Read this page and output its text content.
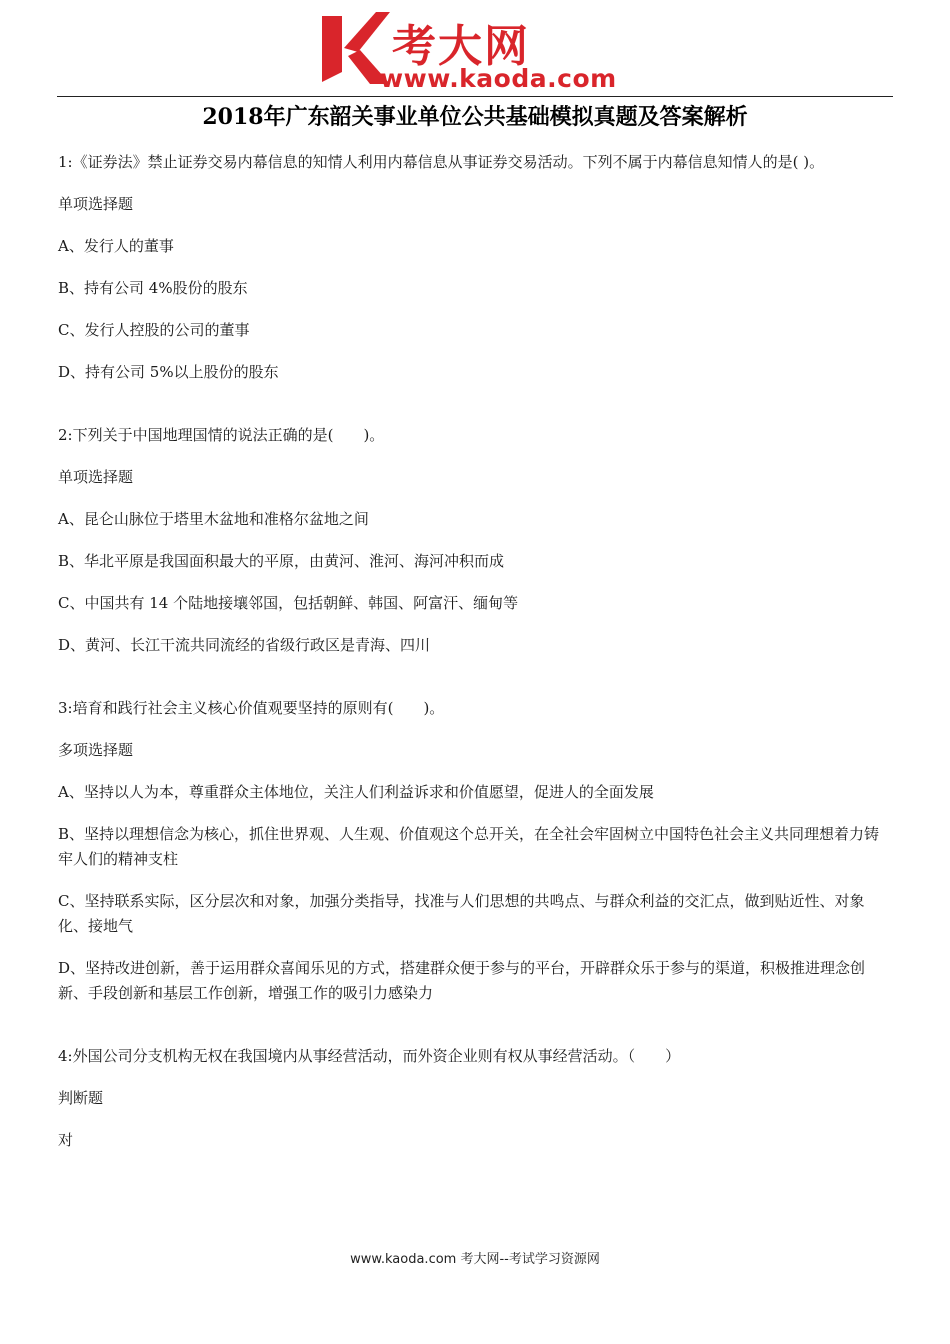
考大网
www.kaoda.com
2018年广东韶关事业单位公共基础模拟真题及答案解析

1:《证券法》禁止证券交易内幕信息的知情人利用内幕信息从事证券交易活动。下列不属于内幕信息知情人的是( )。

单项选择题

A、发行人的董事

B、持有公司 4%股份的股东

C、发行人控股的公司的董事

D、持有公司 5%以上股份的股东

2:下列关于中国地理国情的说法正确的是(　　)。

单项选择题

A、昆仑山脉位于塔里木盆地和准格尔盆地之间

B、华北平原是我国面积最大的平原，由黄河、淮河、海河冲积而成

C、中国共有 14 个陆地接壤邻国，包括朝鲜、韩国、阿富汗、缅甸等

D、黄河、长江干流共同流经的省级行政区是青海、四川

3:培育和践行社会主义核心价值观要坚持的原则有(　　)。

多项选择题

A、坚持以人为本，尊重群众主体地位，关注人们利益诉求和价值愿望，促进人的全面发展

B、坚持以理想信念为核心，抓住世界观、人生观、价值观这个总开关，在全社会牢固树立中国特色社会主义共同理想着力铸牢人们的精神支柱

C、坚持联系实际，区分层次和对象，加强分类指导，找准与人们思想的共鸣点、与群众利益的交汇点，做到贴近性、对象化、接地气

D、坚持改进创新，善于运用群众喜闻乐见的方式，搭建群众便于参与的平台，开辟群众乐于参与的渠道，积极推进理念创新、手段创新和基层工作创新，增强工作的吸引力感染力

4:外国公司分支机构无权在我国境内从事经营活动，而外资企业则有权从事经营活动。（　　）

判断题

对

www.kaoda.com 考大网--考试学习资源网
